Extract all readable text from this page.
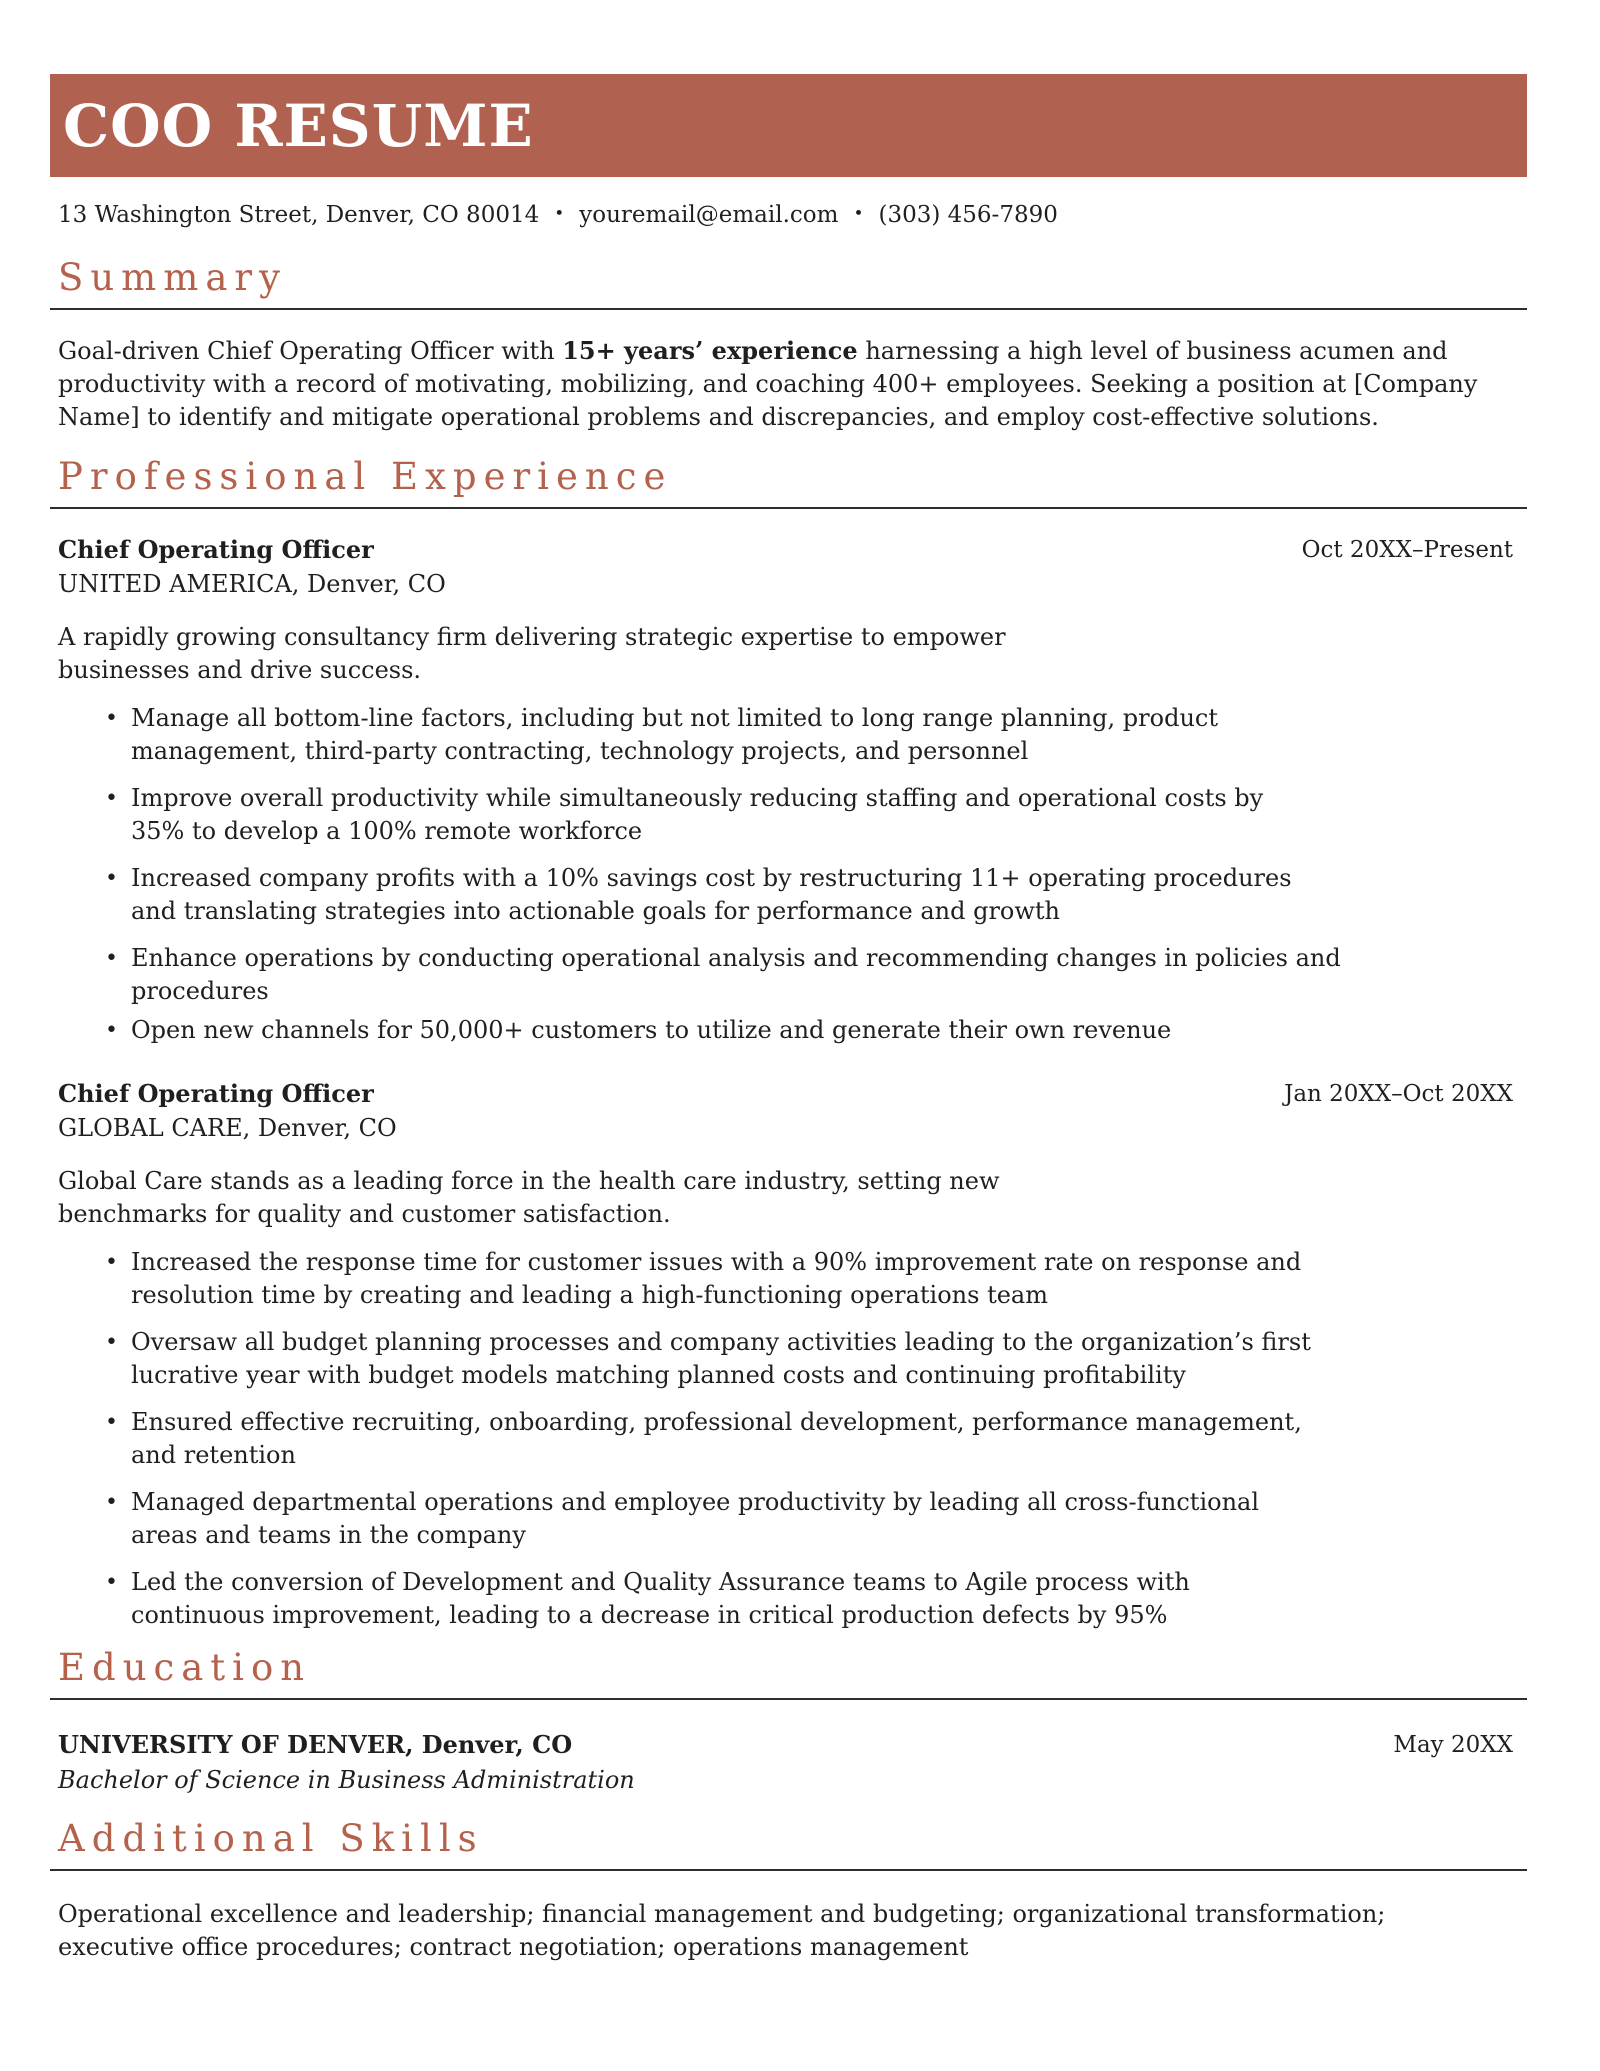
COO RESUME
13 Washington Street, Denver, CO 80014 • youremail@email.com • (303) 456-7890
Summary

Goal-driven Chief Operating Officer with 15+ years’ experience harnessing a high level of business acumen and
productivity with a record of motivating, mobilizing, and coaching 400+ employees. Seeking a position at [Company
Name] to identify and mitigate operational problems and discrepancies, and employ cost-effective solutions.

Professional Experience
Chief Operating Officer
UNITED AMERICA, Denver, CO
Oct 20XX–Present
A rapidly growing consultancy firm delivering strategic expertise to empower
businesses and drive success.
• Manage all bottom-line factors, including but not limited to long range planning, product
management, third-party contracting, technology projects, and personnel
• Improve overall productivity while simultaneously reducing staffing and operational costs by
35% to develop a 100% remote workforce
• Increased company profits with a 10% savings cost by restructuring 11+ operating procedures
and translating strategies into actionable goals for performance and growth
• Enhance operations by conducting operational analysis and recommending changes in policies and
procedures
• Open new channels for 50,000+ customers to utilize and generate their own revenue
Chief Operating Officer
GLOBAL CARE, Denver, CO
Jan 20XX–Oct 20XX
Global Care stands as a leading force in the health care industry, setting new
benchmarks for quality and customer satisfaction.
• Increased the response time for customer issues with a 90% improvement rate on response and
resolution time by creating and leading a high-functioning operations team
• Oversaw all budget planning processes and company activities leading to the organization’s first
lucrative year with budget models matching planned costs and continuing profitability
• Ensured effective recruiting, onboarding, professional development, performance management,
and retention
• Managed departmental operations and employee productivity by leading all cross-functional
areas and teams in the company
• Led the conversion of Development and Quality Assurance teams to Agile process with
continuous improvement, leading to a decrease in critical production defects by 95%
Education
UNIVERSITY OF DENVER, Denver, CO	May 20XX
Bachelor of Science in Business Administration
Additional Skills

Operational excellence and leadership; financial management and budgeting; organizational transformation;
executive office procedures; contract negotiation; operations management
